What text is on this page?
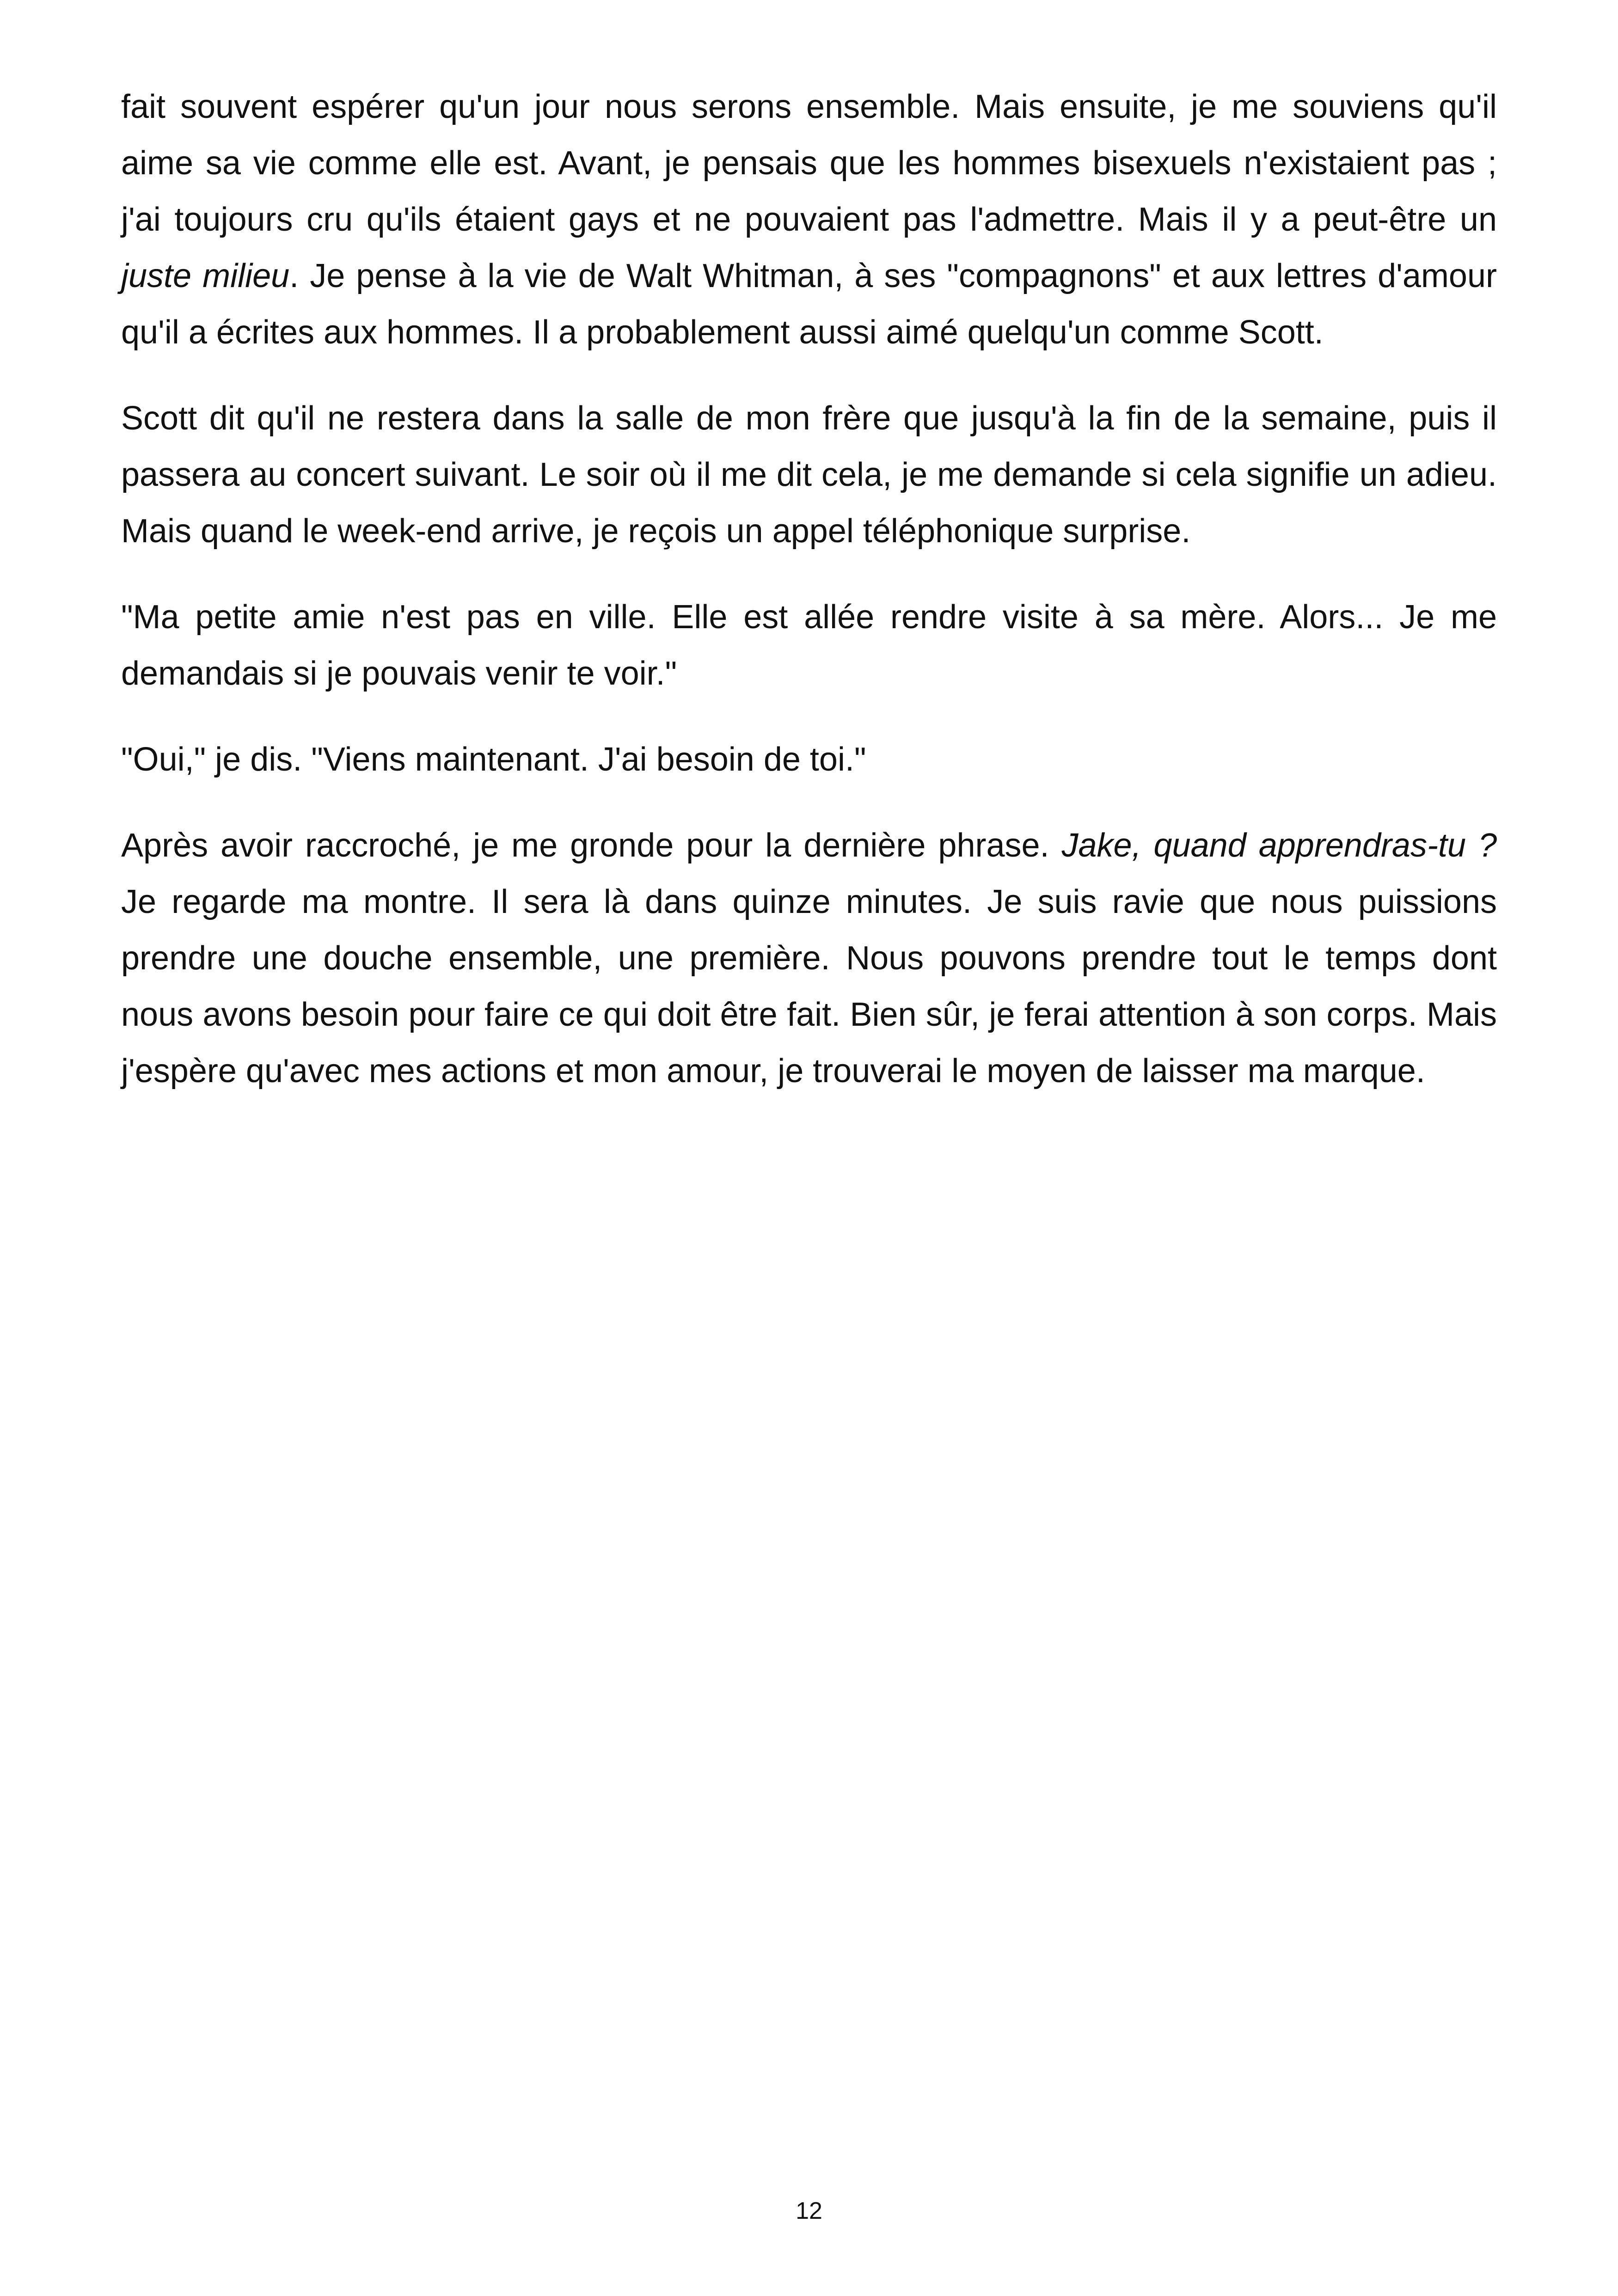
fait souvent espérer qu'un jour nous serons ensemble. Mais ensuite, je me souviens qu'il aime sa vie comme elle est. Avant, je pensais que les hommes bisexuels n'existaient pas ; j'ai toujours cru qu'ils étaient gays et ne pouvaient pas l'admettre. Mais il y a peut-être un juste milieu. Je pense à la vie de Walt Whitman, à ses "compagnons" et aux lettres d'amour qu'il a écrites aux hommes. Il a probablement aussi aimé quelqu'un comme Scott.

Scott dit qu'il ne restera dans la salle de mon frère que jusqu'à la fin de la semaine, puis il passera au concert suivant. Le soir où il me dit cela, je me demande si cela signifie un adieu. Mais quand le week-end arrive, je reçois un appel téléphonique surprise.

"Ma petite amie n'est pas en ville. Elle est allée rendre visite à sa mère. Alors... Je me demandais si je pouvais venir te voir."

"Oui," je dis. "Viens maintenant. J'ai besoin de toi."

Après avoir raccroché, je me gronde pour la dernière phrase. Jake, quand apprendras-tu ? Je regarde ma montre. Il sera là dans quinze minutes. Je suis ravie que nous puissions prendre une douche ensemble, une première. Nous pouvons prendre tout le temps dont nous avons besoin pour faire ce qui doit être fait. Bien sûr, je ferai attention à son corps. Mais j'espère qu'avec mes actions et mon amour, je trouverai le moyen de laisser ma marque.

12
